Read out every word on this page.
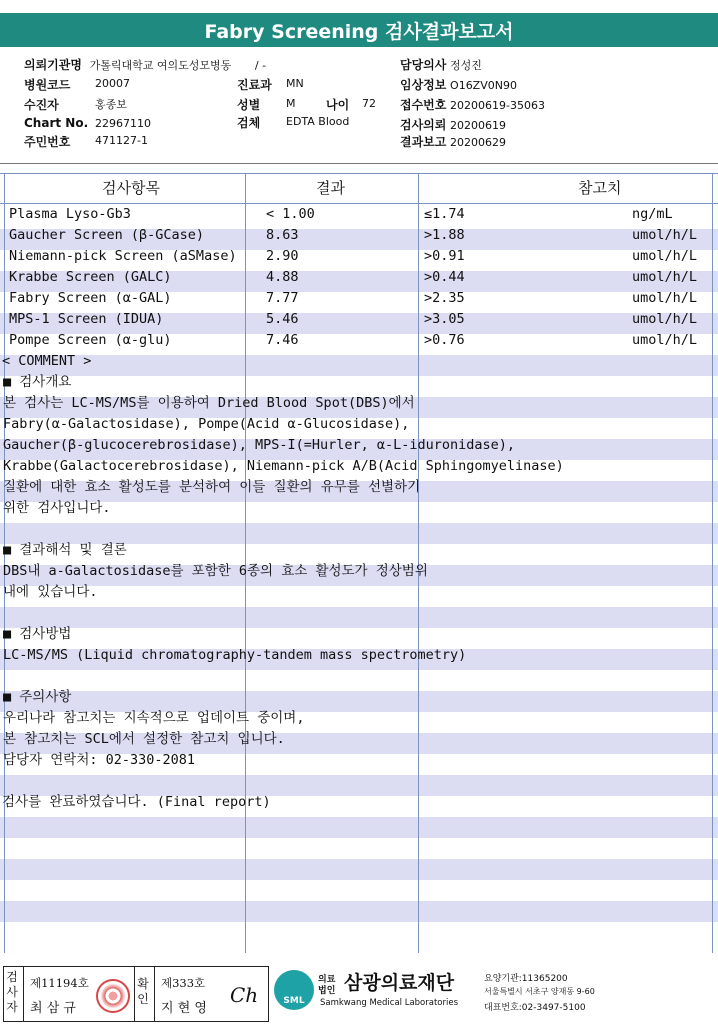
Fabry Screening 검사결과보고서
의뢰기관명 가톨릭대학교 여의도성모병동 / -
병원코드 20007	진료과 MN
수진자	홍종보	성별 M	나이 72
Chart No. 22967110	검체 EDTA Blood
주민번호 471127-1
담당의사 정성진
임상정보 O16ZV0N90
접수번호 20200619-35063
검사의뢰 20200619
결과보고 20200629
검사항목	결과	참고치
Plasma Lyso-Gb3	< 1.00	≤1.74	ng/mL
Gaucher Screen (β-GCase)	8.63	>1.88	umol/h/L
Niemann-pick Screen (aSMase) 2.90	>0.91	umol/h/L
Krabbe Screen (GALC)	4.88	>0.44	umol/h/L
Fabry Screen (α-GAL)	7.77	>2.35	umol/h/L
MPS-1 Screen (IDUA)	5.46	>3.05	umol/h/L
Pompe Screen (α-glu)	7.46	>0.76	umol/h/L
< COMMENT >
■ 검사개요
본 검사는 LC-MS/MS를 이용하여 Dried Blood Spot(DBS)에서
Fabry(α-Galactosidase), Pompe(Acid α-Glucosidase),
Gaucher(β-glucocerebrosidase), MPS-I(=Hurler, α-L-iduronidase),
Krabbe(Galactocerebrosidase), Niemann-pick A/B(Acid Sphingomyelinase)
질환에 대한 효소 활성도를 분석하여 이들 질환의 유무를 선별하기
위한 검사입니다.
■ 결과해석 및 결론
DBS내 a-Galactosidase를 포함한 6종의 효소 활성도가 정상범위
내에 있습니다.
■ 검사방법
LC-MS/MS (Liquid chromatography-tandem mass spectrometry)
■ 주의사항
우리나라 참고치는 지속적으로 업데이트 중이며,
본 참고치는 SCL에서 설정한 참고치 입니다.
담당자 연락처: 02-330-2081
검사를 완료하였습니다. (Final report)
검사자
제11194호
최 삼 규
확인
제333호
지 현 영
Ch	SML
의료
법인 삼광의료재단
Samkwang Medical Laboratories
요양기관:11365200
서울특별시 서초구 양재동 9-60
대표번호:02-3497-5100
